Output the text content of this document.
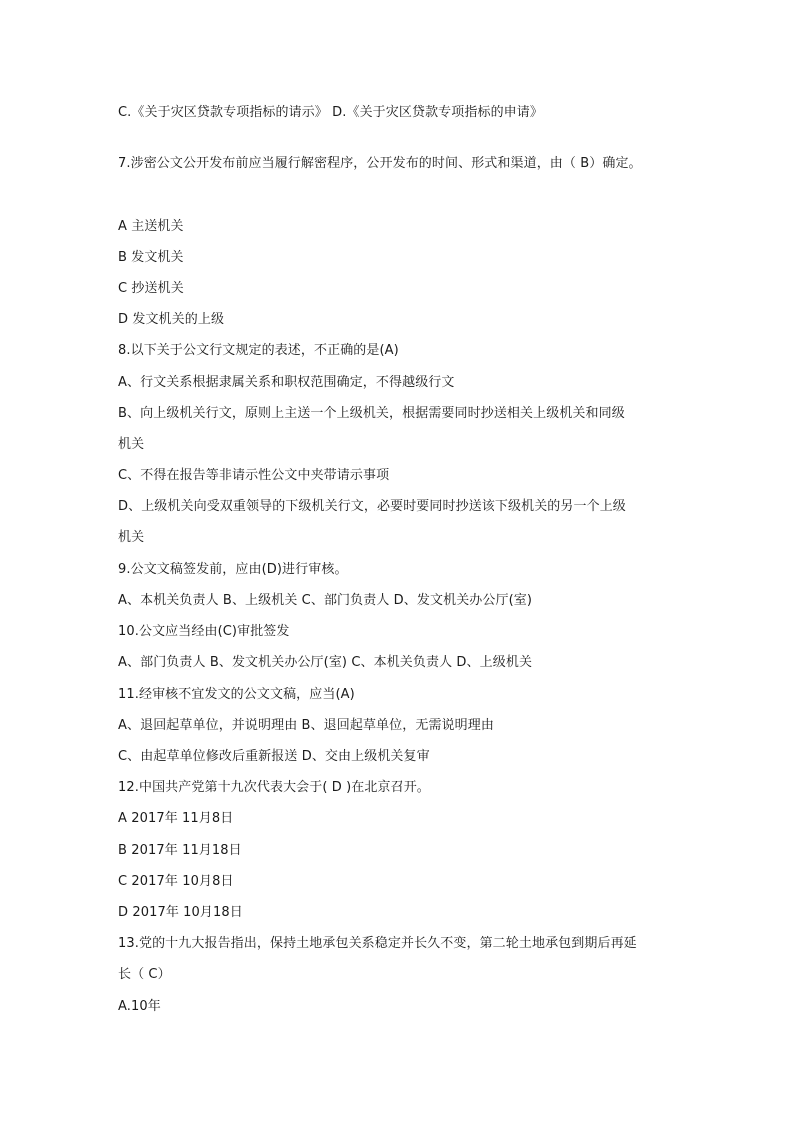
C.《关于灾区贷款专项指标的请示》 D.《关于灾区贷款专项指标的申请》
7.涉密公文公开发布前应当履行解密程序，公开发布的时间、形式和渠道，由（ B）确定。
A 主送机关
B 发文机关
C 抄送机关
D 发文机关的上级
8.以下关于公文行文规定的表述，不正确的是(A)
A、行文关系根据隶属关系和职权范围确定，不得越级行文
B、向上级机关行文，原则上主送一个上级机关，根据需要同时抄送相关上级机关和同级
机关
C、不得在报告等非请示性公文中夹带请示事项
D、上级机关向受双重领导的下级机关行文，必要时要同时抄送该下级机关的另一个上级
机关
9.公文文稿签发前，应由(D)进行审核。
A、本机关负责人 B、上级机关 C、部门负责人 D、发文机关办公厅(室)
10.公文应当经由(C)审批签发
A、部门负责人 B、发文机关办公厅(室) C、本机关负责人 D、上级机关
11.经审核不宜发文的公文文稿，应当(A)
A、退回起草单位，并说明理由 B、退回起草单位，无需说明理由
C、由起草单位修改后重新报送 D、交由上级机关复审
12.中国共产党第十九次代表大会于( D )在北京召开。
A 2017年 11月8日
B 2017年 11月18日
C 2017年 10月8日
D 2017年 10月18日
13.党的十九大报告指出，保持土地承包关系稳定并长久不变，第二轮土地承包到期后再延
长（ C）
A.10年
